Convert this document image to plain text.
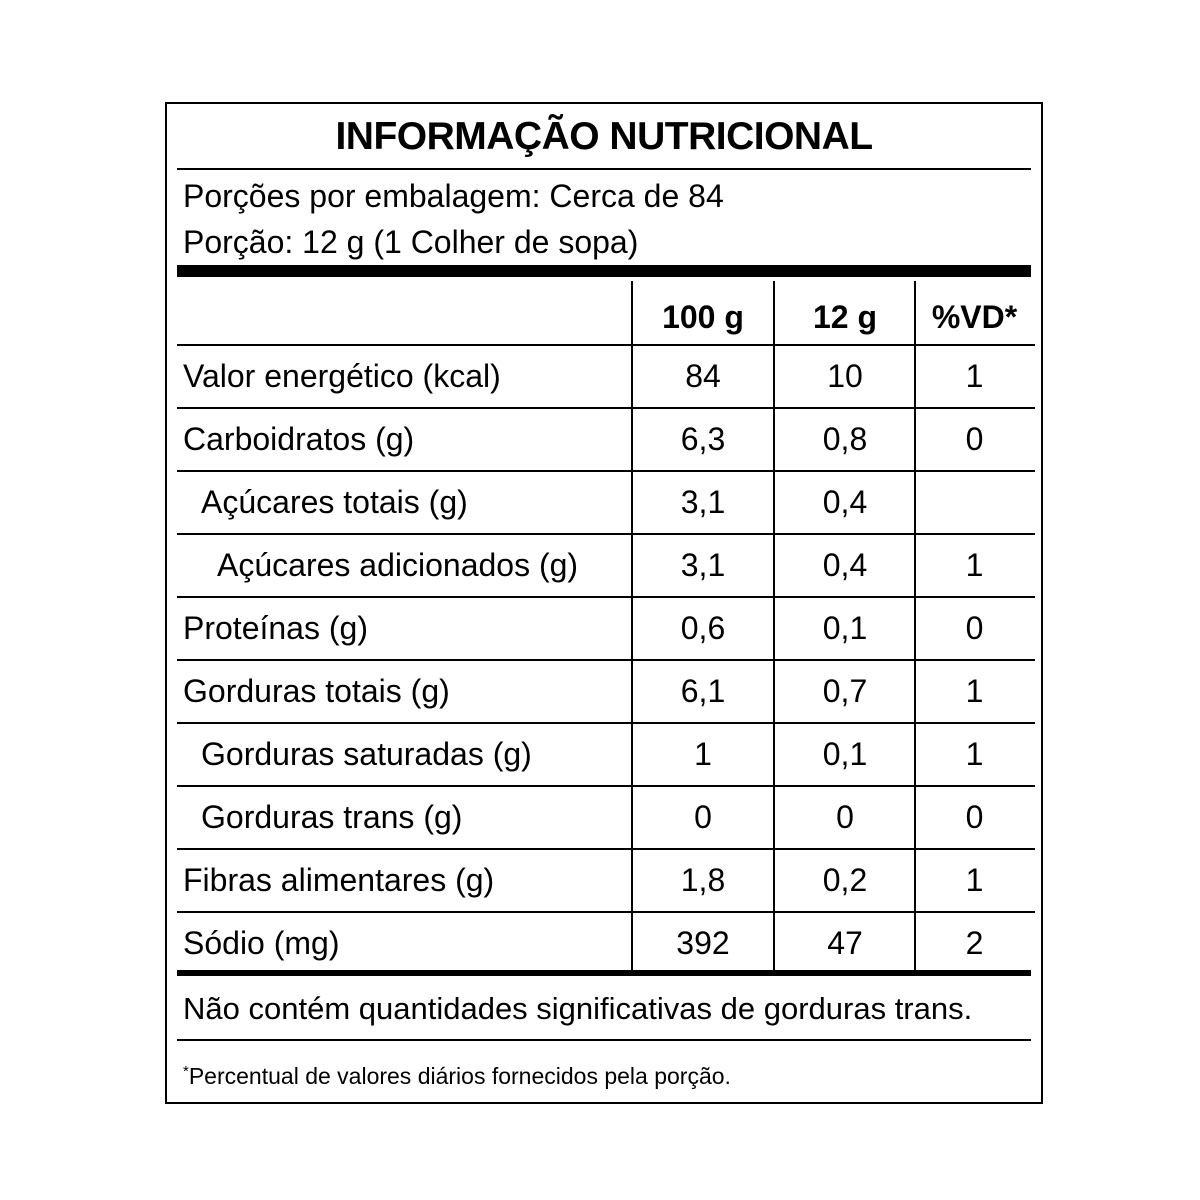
INFORMAÇÃO NUTRICIONAL
Porções por embalagem: Cerca de 84
Porção: 12 g (1 Colher de sopa)
100 g	12 g	%VD*
Valor energético (kcal)	84	10	1
Carboidratos (g)	6,3	0,8	0
Açúcares totais (g)	3,1	0,4
Açúcares adicionados (g)	3,1	0,4	1
Proteínas (g)	0,6	0,1	0
Gorduras totais (g)	6,1	0,7	1
Gorduras saturadas (g)	1	0,1	1
Gorduras trans (g)	0	0	0
Fibras alimentares (g)	1,8	0,2	1
Sódio (mg)	392	47	2
Não contém quantidades significativas de gorduras trans.
*Percentual de valores diários fornecidos pela porção.
